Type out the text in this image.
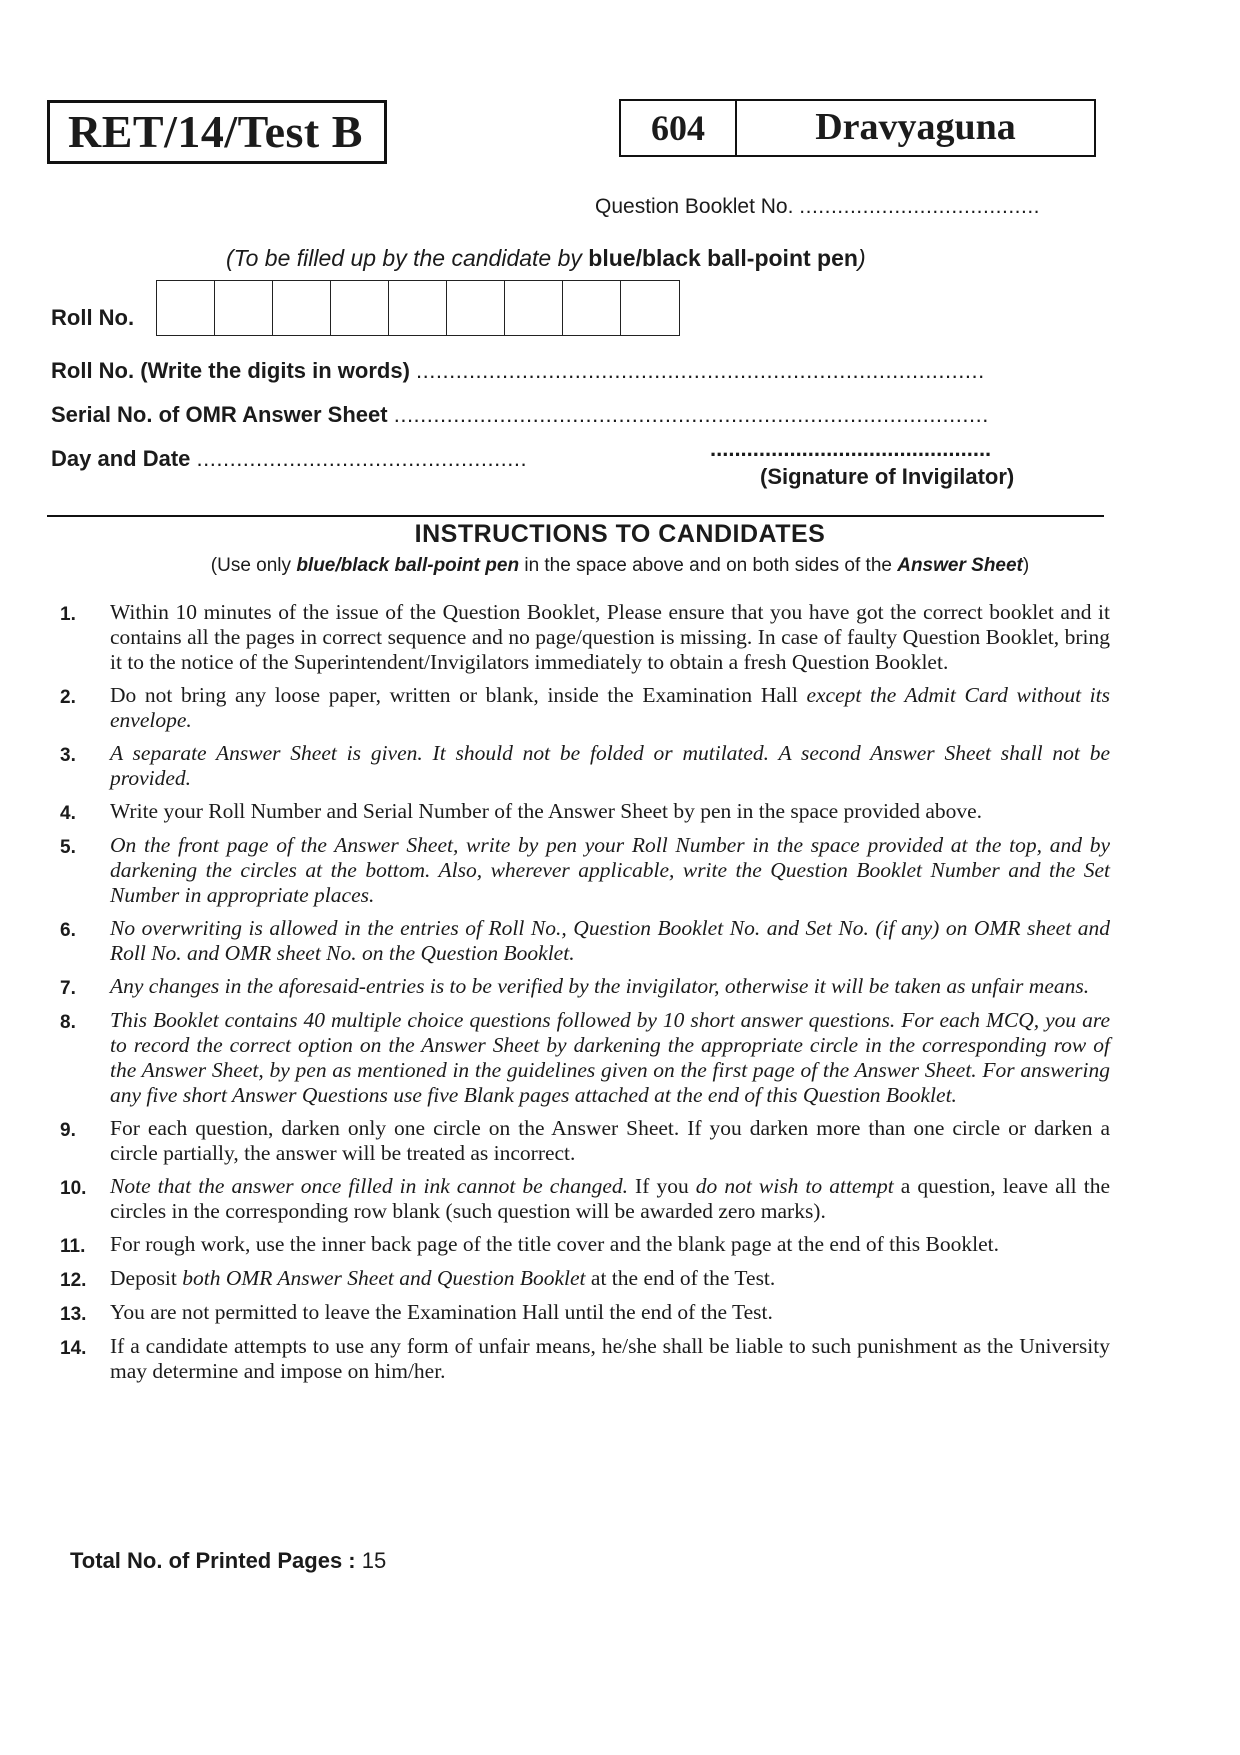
RET/14/Test B	604	Dravyaguna
Question Booklet No. ......................................
(To be filled up by the candidate by blue/black ball-point pen)
Roll No.
Roll No. (Write the digits in words) ......................................................................................
Serial No. of OMR Answer Sheet ..........................................................................................
Day and Date ..................................................	..............................................
(Signature of Invigilator)
INSTRUCTIONS TO CANDIDATES
(Use only blue/black ball-point pen in the space above and on both sides of the Answer Sheet)
1.	Within 10 minutes of the issue of the Question Booklet, Please ensure that you have got the correct booklet and it contains all the pages in correct sequence and no page/question is missing. In case of faulty Question Booklet, bring it to the notice of the Superintendent/Invigilators immediately to obtain a fresh Question Booklet.
2.	Do not bring any loose paper, written or blank, inside the Examination Hall except the Admit Card without its envelope.
3.	A separate Answer Sheet is given. It should not be folded or mutilated. A second Answer Sheet shall not be provided.
4.	Write your Roll Number and Serial Number of the Answer Sheet by pen in the space provided above.
5.	On the front page of the Answer Sheet, write by pen your Roll Number in the space provided at the top, and by darkening the circles at the bottom. Also, wherever applicable, write the Question Booklet Number and the Set Number in appropriate places.
6.	No overwriting is allowed in the entries of Roll No., Question Booklet No. and Set No. (if any) on OMR sheet and Roll No. and OMR sheet No. on the Question Booklet.
7.	Any changes in the aforesaid-entries is to be verified by the invigilator, otherwise it will be taken as unfair means.
8.	This Booklet contains 40 multiple choice questions followed by 10 short answer questions. For each MCQ, you are to record the correct option on the Answer Sheet by darkening the appropriate circle in the corresponding row of the Answer Sheet, by pen as mentioned in the guidelines given on the first page of the Answer Sheet. For answering any five short Answer Questions use five Blank pages attached at the end of this Question Booklet.
9.	For each question, darken only one circle on the Answer Sheet. If you darken more than one circle or darken a circle partially, the answer will be treated as incorrect.
10.	Note that the answer once filled in ink cannot be changed. If you do not wish to attempt a question, leave all the circles in the corresponding row blank (such question will be awarded zero marks).
11.	For rough work, use the inner back page of the title cover and the blank page at the end of this Booklet.
12.	Deposit both OMR Answer Sheet and Question Booklet at the end of the Test.
13.	You are not permitted to leave the Examination Hall until the end of the Test.
14.	If a candidate attempts to use any form of unfair means, he/she shall be liable to such punishment as the University may determine and impose on him/her.
Total No. of Printed Pages : 15
